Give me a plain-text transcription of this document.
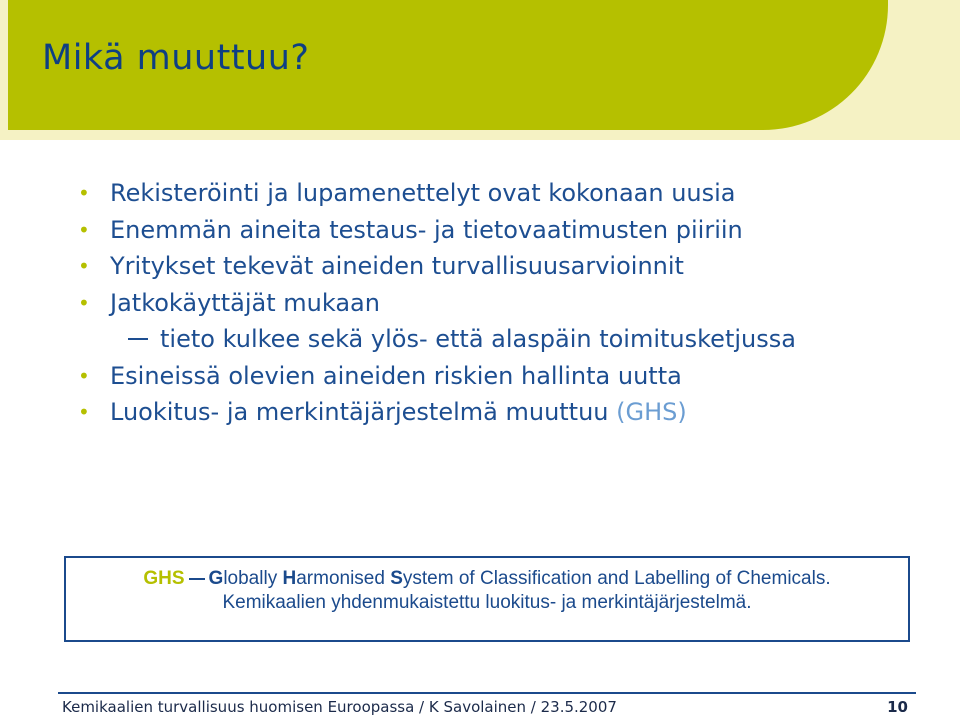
Mikä muuttuu?
• Rekisteröinti ja lupamenettelyt ovat kokonaan uusia
• Enemmän aineita testaus- ja tietovaatimusten piiriin
• Yritykset tekevät aineiden turvallisuusarvioinnit
• Jatkokäyttäjät mukaan
tieto kulkee sekä ylös- että alaspäin toimitusketjussa
• Esineissä olevien aineiden riskien hallinta uutta
• Luokitus- ja merkintäjärjestelmä muuttuu (GHS)
GHS Globally Harmonised System of Classification and Labelling of Chemicals.
Kemikaalien yhdenmukaistettu luokitus- ja merkintäjärjestelmä.
Kemikaalien turvallisuus huomisen Euroopassa / K Savolainen / 23.5.2007	10
